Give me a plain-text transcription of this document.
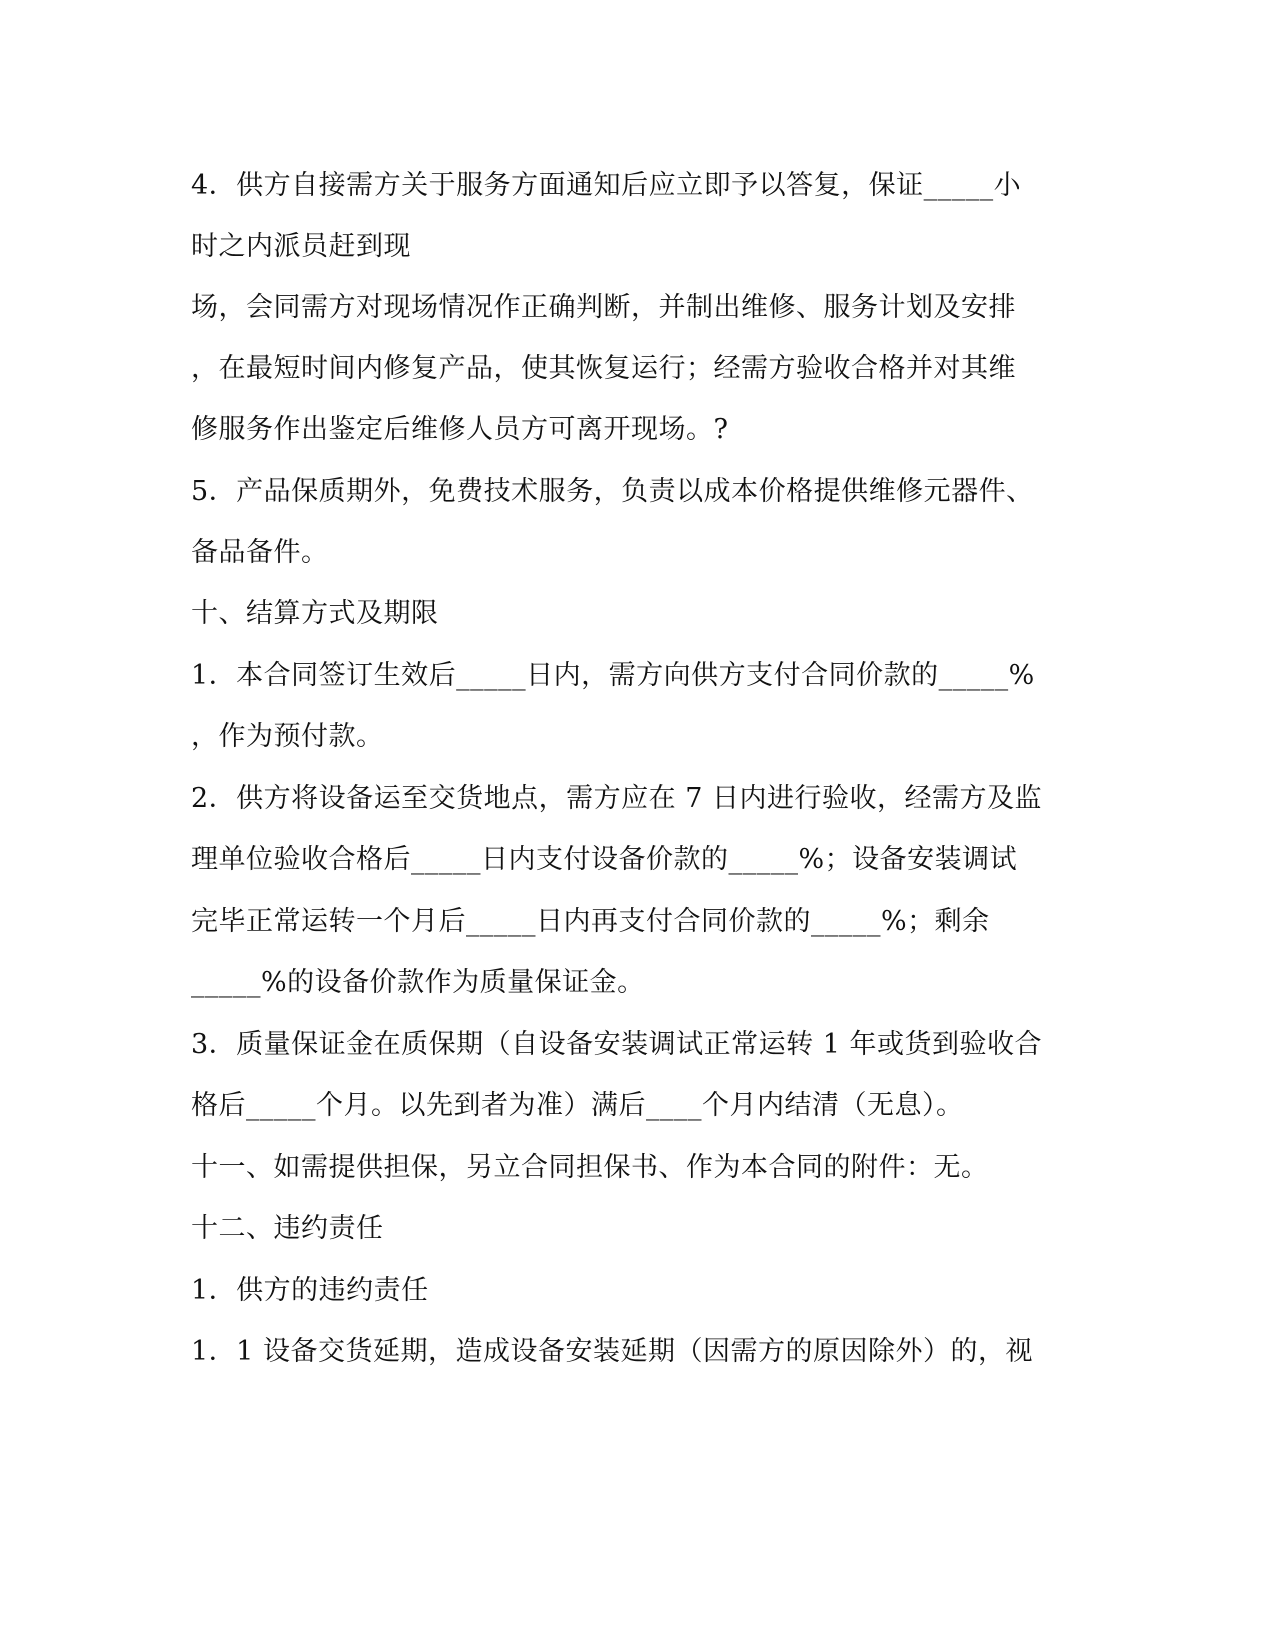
4．供方自接需方关于服务方面通知后应立即予以答复，保证_____小
时之内派员赶到现
场，会同需方对现场情况作正确判断，并制出维修、服务计划及安排
，在最短时间内修复产品，使其恢复运行；经需方验收合格并对其维
修服务作出鉴定后维修人员方可离开现场。?
5．产品保质期外，免费技术服务，负责以成本价格提供维修元器件、
备品备件。
十、结算方式及期限
1．本合同签订生效后_____日内，需方向供方支付合同价款的_____%
，作为预付款。
2．供方将设备运至交货地点，需方应在 7 日内进行验收，经需方及监
理单位验收合格后_____日内支付设备价款的_____%；设备安装调试
完毕正常运转一个月后_____日内再支付合同价款的_____%；剩余
_____%的设备价款作为质量保证金。
3．质量保证金在质保期（自设备安装调试正常运转 1 年或货到验收合
格后_____个月。以先到者为准）满后____个月内结清（无息）。
十一、如需提供担保，另立合同担保书、作为本合同的附件：无。
十二、违约责任
1．供方的违约责任
1．1 设备交货延期，造成设备安装延期（因需方的原因除外）的，视
